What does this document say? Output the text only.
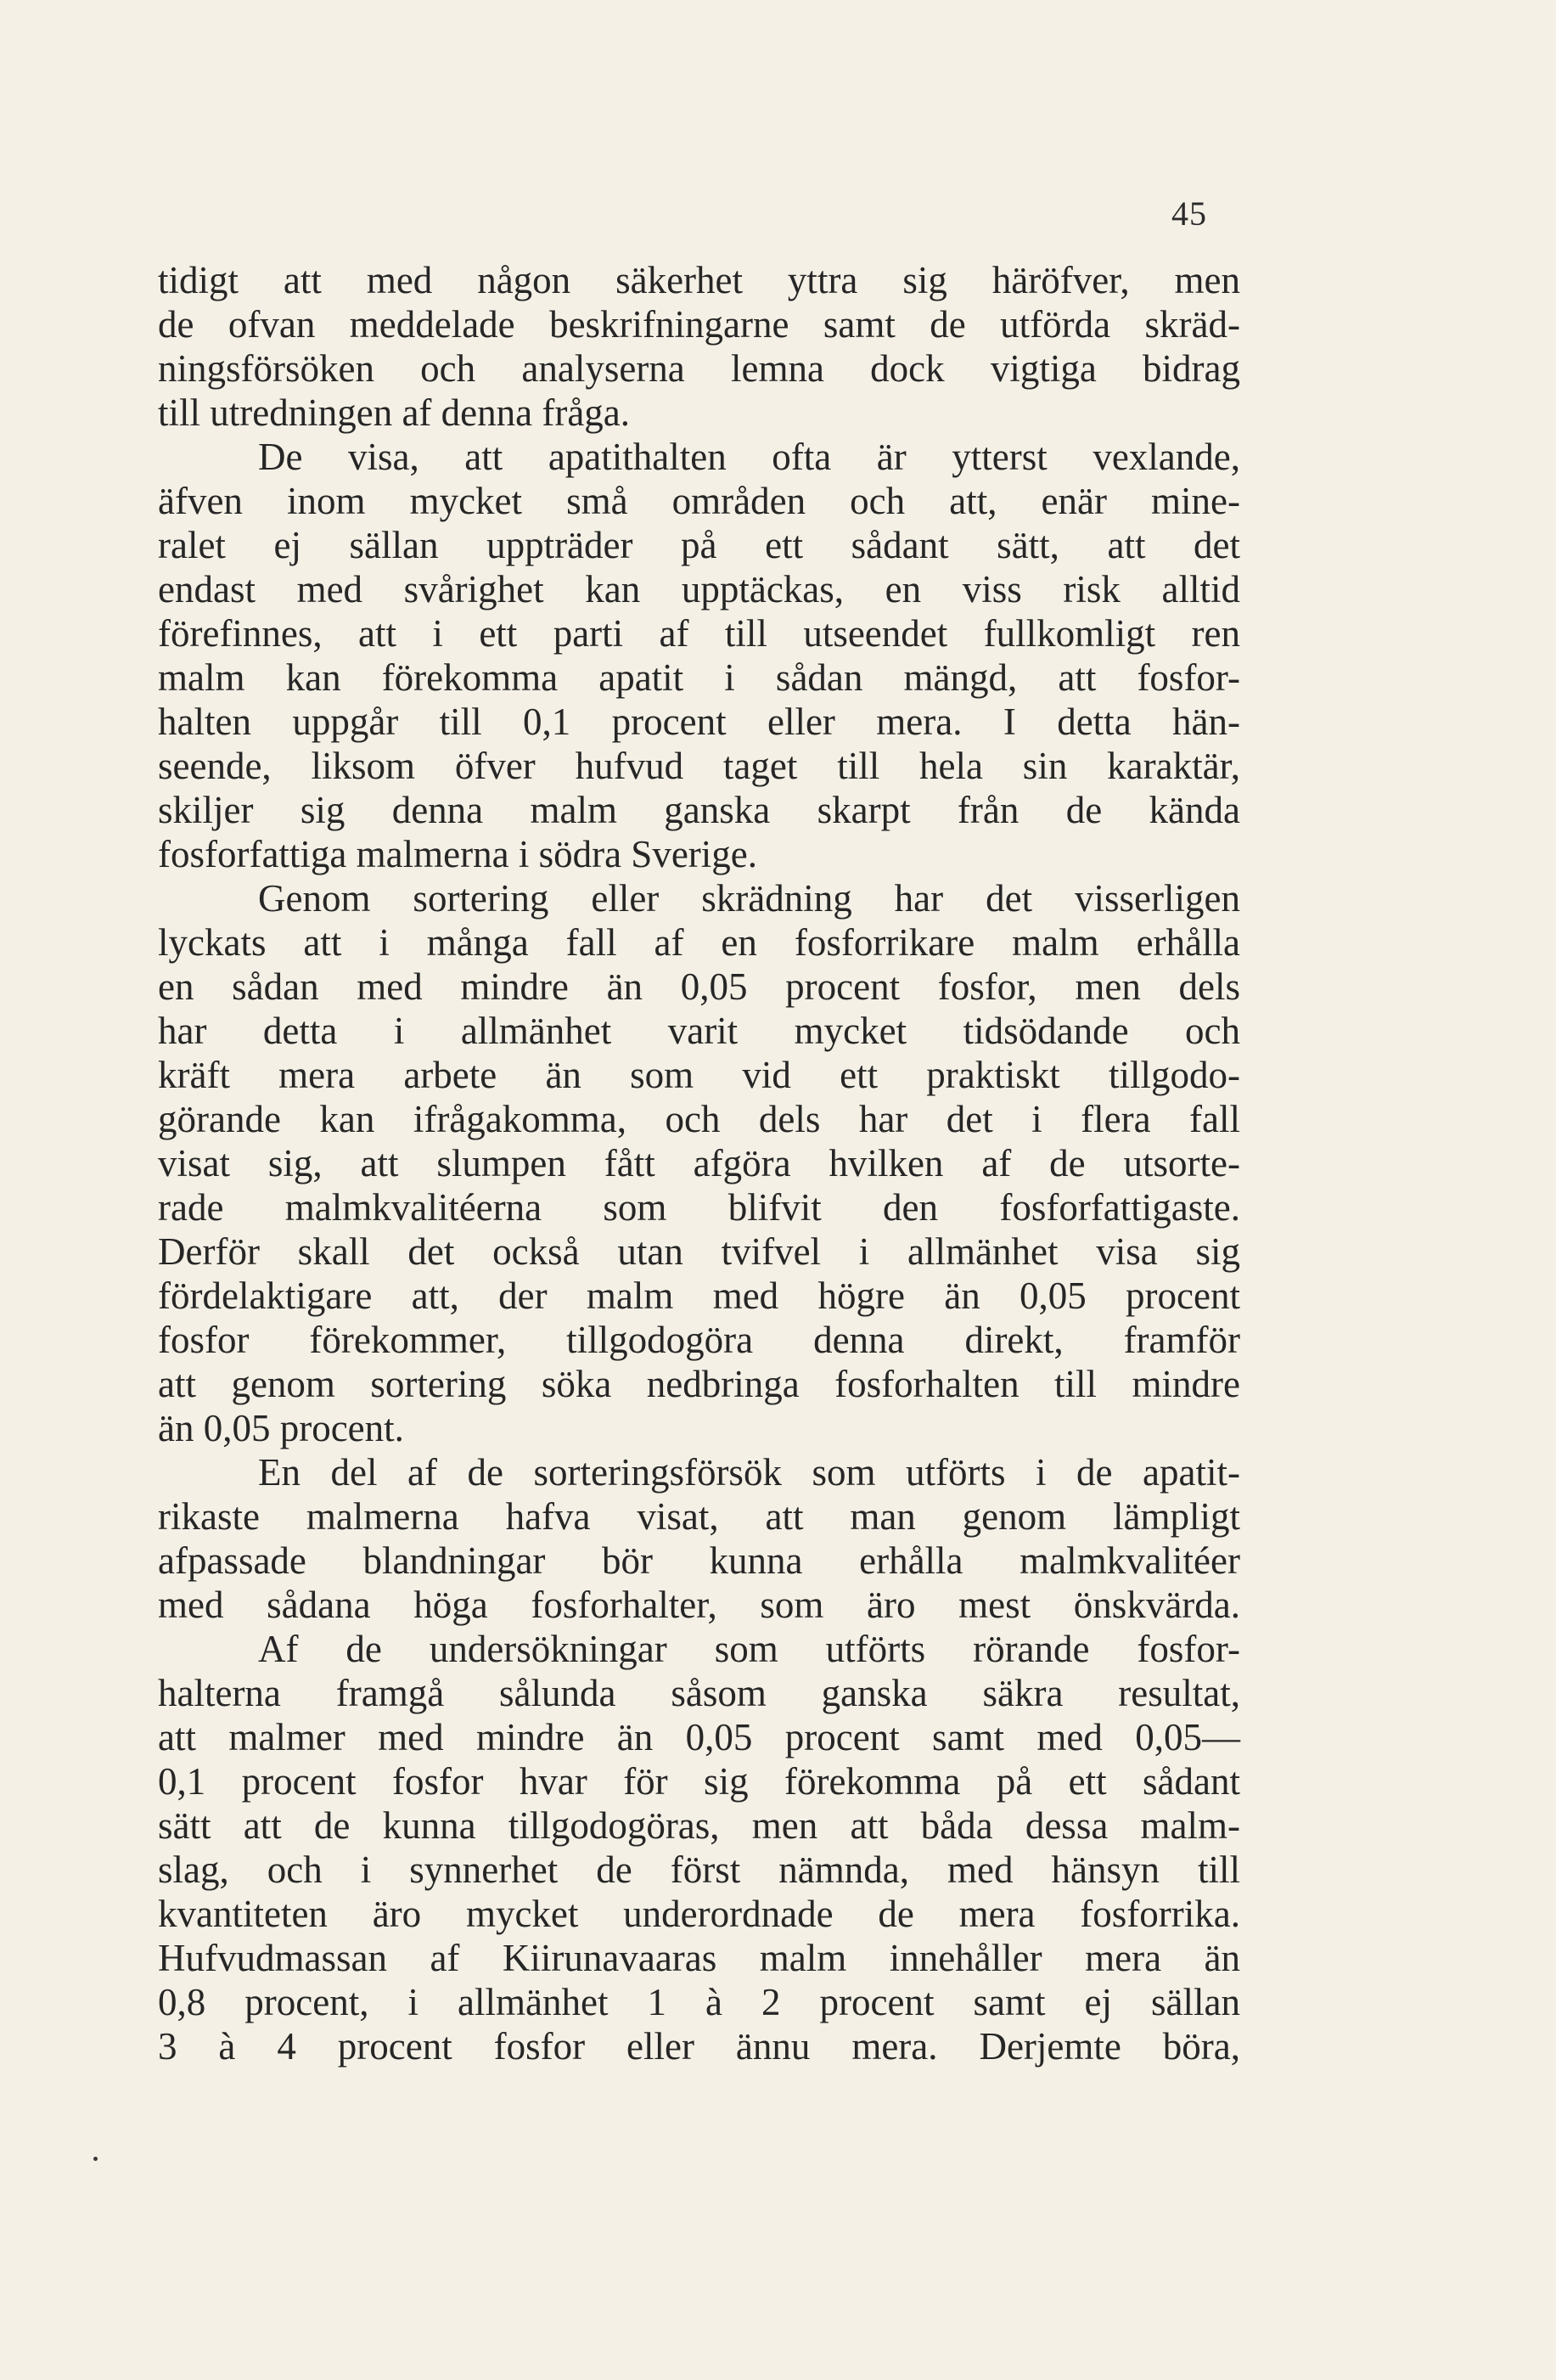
45
tidigt att med någon säkerhet yttra sig häröfver, men
de ofvan meddelade beskrifningarne samt de utförda skräd-
ningsförsöken och analyserna lemna dock vigtiga bidrag
till utredningen af denna fråga.
De visa, att apatithalten ofta är ytterst vexlande,
äfven inom mycket små områden och att, enär mine-
ralet ej sällan uppträder på ett sådant sätt, att det
endast med svårighet kan upptäckas, en viss risk alltid
förefinnes, att i ett parti af till utseendet fullkomligt ren
malm kan förekomma apatit i sådan mängd, att fosfor-
halten uppgår till 0,1 procent eller mera. I detta hän-
seende, liksom öfver hufvud taget till hela sin karaktär,
skiljer sig denna malm ganska skarpt från de kända
fosforfattiga malmerna i södra Sverige.
Genom sortering eller skrädning har det visserligen
lyckats att i många fall af en fosforrikare malm erhålla
en sådan med mindre än 0,05 procent fosfor, men dels
har detta i allmänhet varit mycket tidsödande och
kräft mera arbete än som vid ett praktiskt tillgodo-
görande kan ifrågakomma, och dels har det i flera fall
visat sig, att slumpen fått afgöra hvilken af de utsorte-
rade malmkvalitéerna som blifvit den fosforfattigaste.
Derför skall det också utan tvifvel i allmänhet visa sig
fördelaktigare att, der malm med högre än 0,05 procent
fosfor förekommer, tillgodogöra denna direkt, framför
att genom sortering söka nedbringa fosforhalten till mindre
än 0,05 procent.
En del af de sorteringsförsök som utförts i de apatit-
rikaste malmerna hafva visat, att man genom lämpligt
afpassade blandningar bör kunna erhålla malmkvalitéer
med sådana höga fosforhalter, som äro mest önskvärda.
Af de undersökningar som utförts rörande fosfor-
halterna framgå sålunda såsom ganska säkra resultat,
att malmer med mindre än 0,05 procent samt med 0,05—
0,1 procent fosfor hvar för sig förekomma på ett sådant
sätt att de kunna tillgodogöras, men att båda dessa malm-
slag, och i synnerhet de först nämnda, med hänsyn till
kvantiteten äro mycket underordnade de mera fosforrika.
Hufvudmassan af Kiirunavaaras malm innehåller mera än
0,8 procent, i allmänhet 1 à 2 procent samt ej sällan
3 à 4 procent fosfor eller ännu mera. Derjemte böra,
